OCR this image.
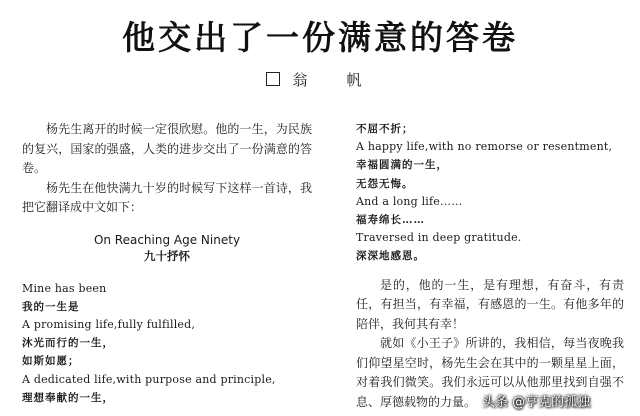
他交出了一份满意的答卷
翁　帆

杨先生离开的时候一定很欣慰。他的一生，为民族的复兴，国家的强盛，人类的进步交出了一份满意的答卷。

杨先生在他快满九十岁的时候写下这样一首诗，我把它翻译成中文如下：

On Reaching Age Ninety
九十抒怀

Mine has been

我的一生是

A promising life,fully fulfilled,

沐光而行的一生，

如斯如愿；

A dedicated life,with purpose and principle,

理想奉献的一生，

不屈不折；

A happy life,with no remorse or resentment,

幸福圆满的一生，

无怨无悔。

And a long life……

福寿绵长……

Traversed in deep gratitude.

深深地感恩。

是的，他的一生，是有理想，有奋斗，有责任，有担当，有幸福，有感恩的一生。有他多年的陪伴，我何其有幸！

就如《小王子》所讲的，我相信，每当夜晚我们仰望星空时，杨先生会在其中的一颗星星上面，对着我们微笑。我们永远可以从他那里找到自强不息、厚德载物的力量。 头条 @亨克的孤独
